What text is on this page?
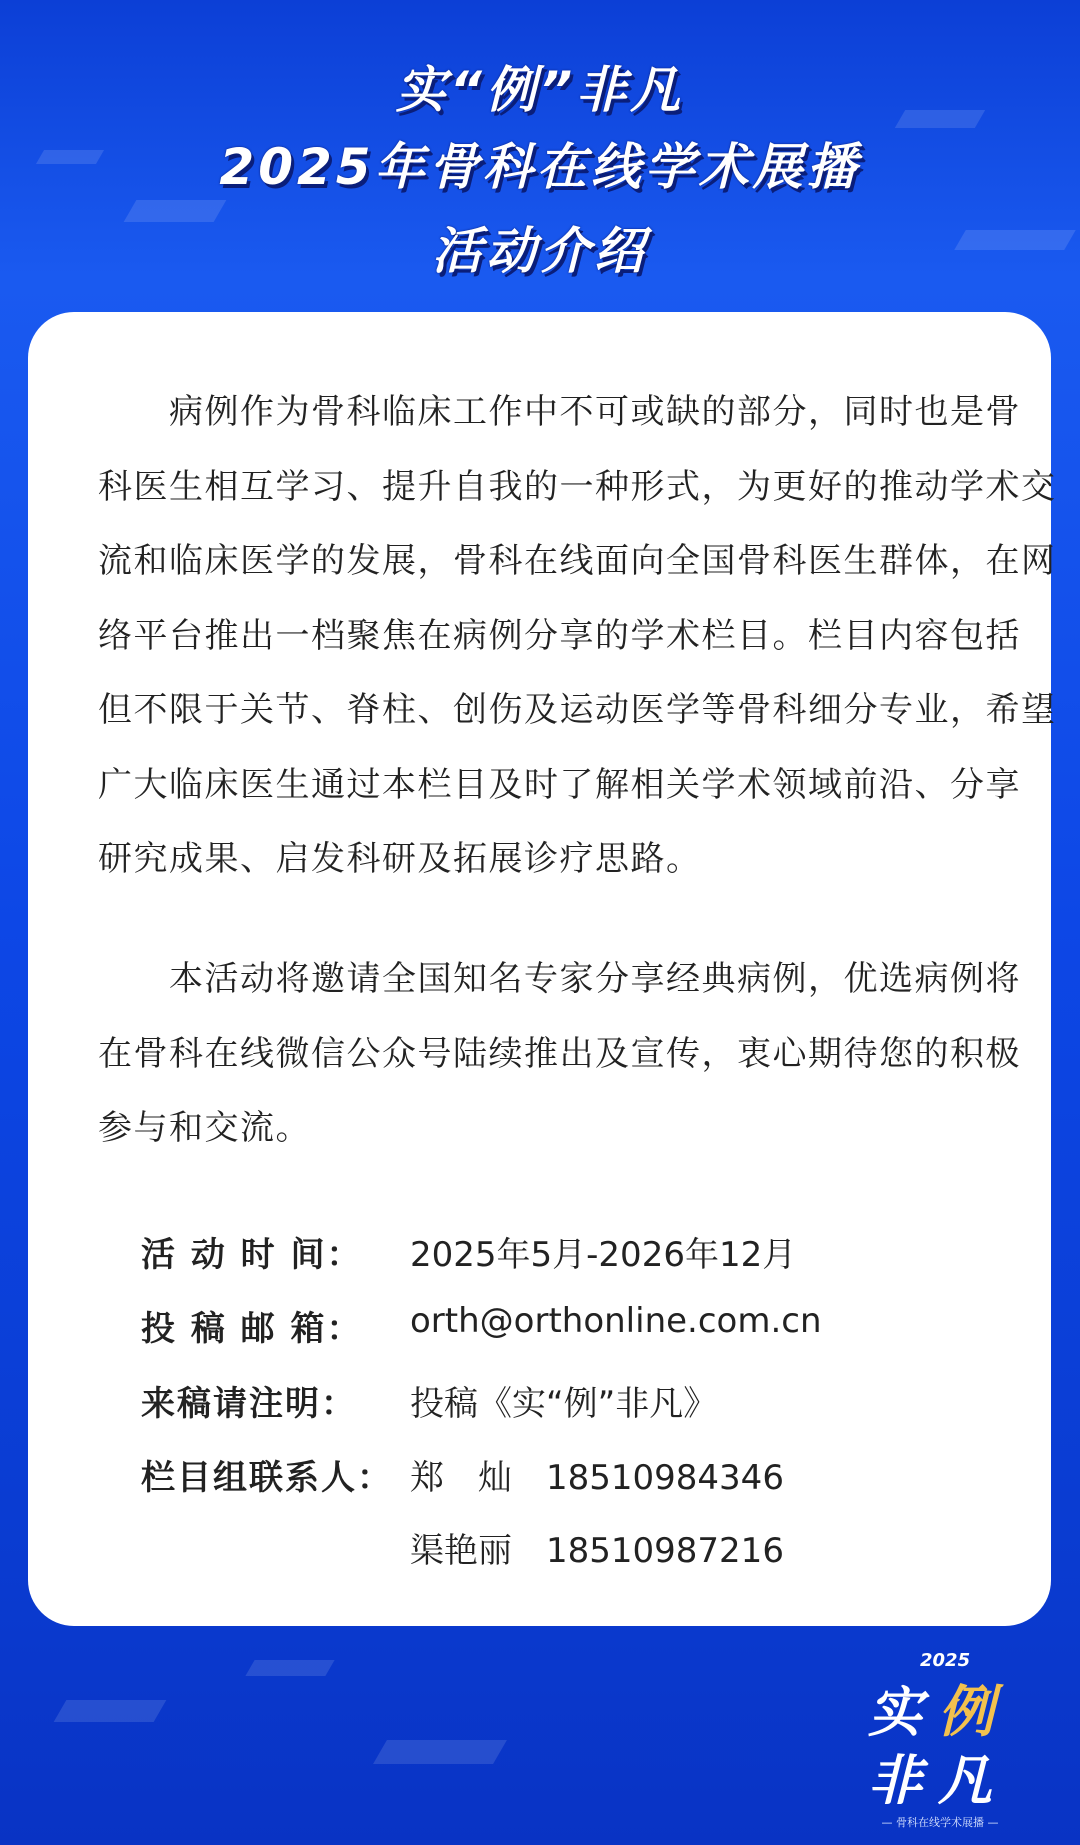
实“例”非凡
2025年骨科在线学术展播
活动介绍
　　病例作为骨科临床工作中不可或缺的部分，同时也是骨
科医生相互学习、提升自我的一种形式，为更好的推动学术交
流和临床医学的发展，骨科在线面向全国骨科医生群体，在网
络平台推出一档聚焦在病例分享的学术栏目。栏目内容包括
但不限于关节、脊柱、创伤及运动医学等骨科细分专业，希望
广大临床医生通过本栏目及时了解相关学术领域前沿、分享
研究成果、启发科研及拓展诊疗思路。
　　本活动将邀请全国知名专家分享经典病例，优选病例将
在骨科在线微信公众号陆续推出及宣传，衷心期待您的积极
参与和交流。
活 动 时 间： 2025年5月-2026年12月
投 稿 邮 箱： orth@orthonline.com.cn
来稿请注明： 投稿《实“例”非凡》
栏目组联系人： 郑　灿　18510984346
渠艳丽　18510987216
2025
实 例
非 凡
— 骨科在线学术展播 —
